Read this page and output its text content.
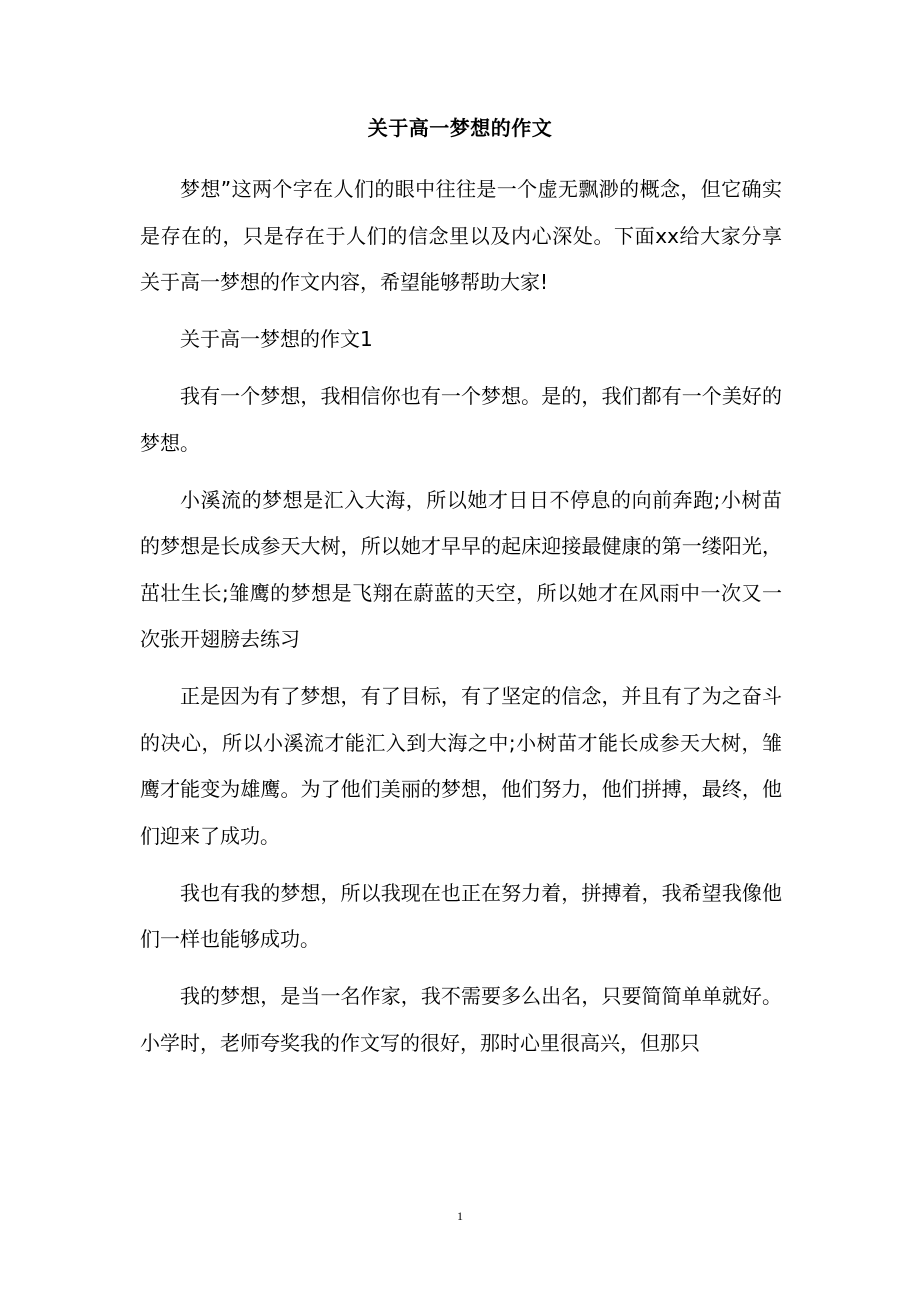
关于高一梦想的作文

梦想”这两个字在人们的眼中往往是一个虚无飘渺的概念，但它确实是存在的，只是存在于人们的信念里以及内心深处。下面xx给大家分享关于高一梦想的作文内容，希望能够帮助大家!

关于高一梦想的作文1

我有一个梦想，我相信你也有一个梦想。是的，我们都有一个美好的梦想。

小溪流的梦想是汇入大海，所以她才日日不停息的向前奔跑;小树苗的梦想是长成参天大树，所以她才早早的起床迎接最健康的第一缕阳光，茁壮生长;雏鹰的梦想是飞翔在蔚蓝的天空，所以她才在风雨中一次又一次张开翅膀去练习

正是因为有了梦想，有了目标，有了坚定的信念，并且有了为之奋斗的决心，所以小溪流才能汇入到大海之中;小树苗才能长成参天大树，雏鹰才能变为雄鹰。为了他们美丽的梦想，他们努力，他们拼搏，最终，他们迎来了成功。

我也有我的梦想，所以我现在也正在努力着，拼搏着，我希望我像他们一样也能够成功。

我的梦想，是当一名作家，我不需要多么出名，只要简简单单就好。小学时，老师夸奖我的作文写的很好，那时心里很高兴，但那只

1
